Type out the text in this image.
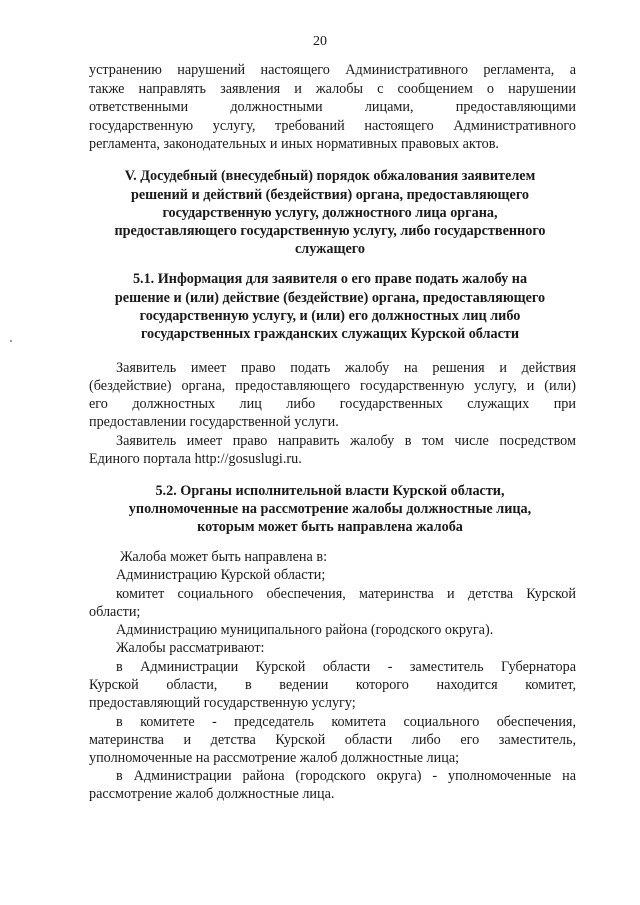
20
устранению нарушений настоящего Административного регламента, а
также направлять заявления и жалобы с сообщением о нарушении
ответственными должностными лицами, предоставляющими
государственную услугу, требований настоящего Административного
регламента, законодательных и иных нормативных правовых актов.
V. Досудебный (внесудебный) порядок обжалования заявителем
решений и действий (бездействия) органа, предоставляющего
государственную услугу, должностного лица органа,
предоставляющего государственную услугу, либо государственного
служащего
5.1. Информация для заявителя о его праве подать жалобу на
решение и (или) действие (бездействие) органа, предоставляющего
государственную услугу, и (или) его должностных лиц либо
государственных гражданских служащих Курской области
Заявитель имеет право подать жалобу на решения и действия
(бездействие) органа, предоставляющего государственную услугу, и (или)
его должностных лиц либо государственных служащих при
предоставлении государственной услуги.
Заявитель имеет право направить жалобу в том числе посредством
Единого портала http://gosuslugi.ru.
5.2. Органы исполнительной власти Курской области,
уполномоченные на рассмотрение жалобы должностные лица,
которым может быть направлена жалоба
Жалоба может быть направлена в:
Администрацию Курской области;
комитет социального обеспечения, материнства и детства Курской
области;
Администрацию муниципального района (городского округа).
Жалобы рассматривают:
в Администрации Курской области - заместитель Губернатора
Курской области, в ведении которого находится комитет,
предоставляющий государственную услугу;
в комитете - председатель комитета социального обеспечения,
материнства и детства Курской области либо его заместитель,
уполномоченные на рассмотрение жалоб должностные лица;
в Администрации района (городского округа) - уполномоченные на
рассмотрение жалоб должностные лица.
